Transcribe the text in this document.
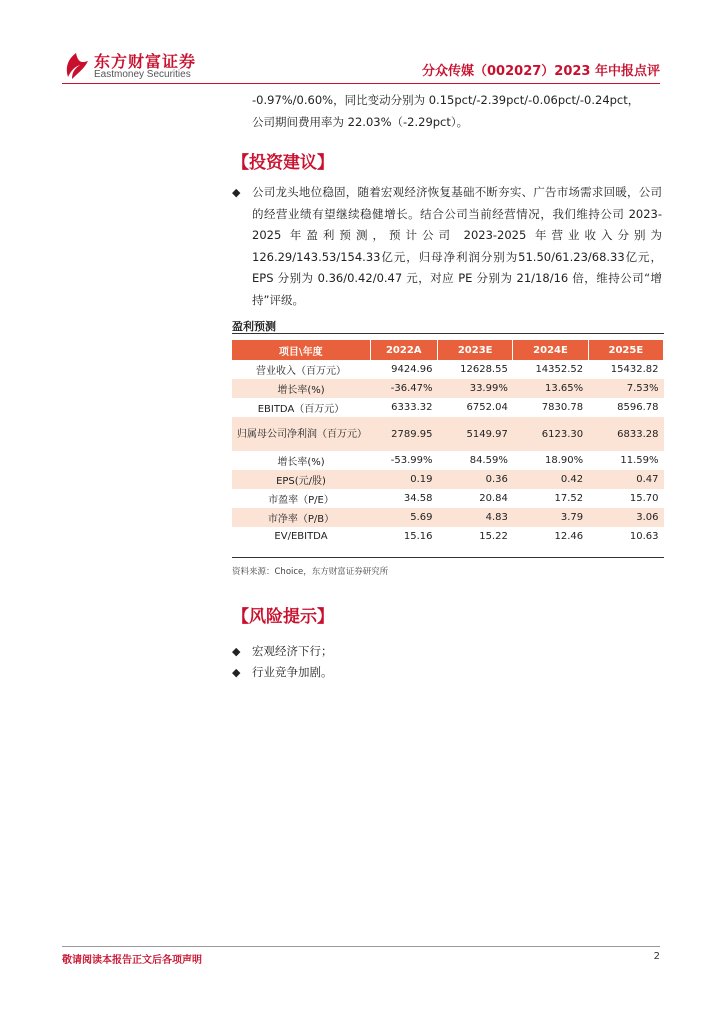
东方财富证券
Eastmoney Securities	分众传媒（002027）2023 年中报点评
-0.97%/0.60%，同比变动分别为 0.15pct/-2.39pct/-0.06pct/-0.24pct，
公司期间费用率为 22.03%（-2.29pct）。
【投资建议】
◆ 公司龙头地位稳固，随着宏观经济恢复基础不断夯实、广告市场需求回暖，公司的经营业绩有望继续稳健增长。结合公司当前经营情况，我们维持公司 2023- 2025 年盈利预测，预计公司 2023-2025 年营业收入分别为 126.29/143.53/154.33亿元，归母净利润分别为51.50/61.23/68.33亿元，EPS 分别为 0.36/0.42/0.47 元，对应 PE 分别为 21/18/16 倍，维持公司“增持”评级。
盈利预测
项目\年度	2022A	2023E	2024E	2025E
营业收入（百万元）	9424.96	12628.55	14352.52	15432.82
增长率(%)	-36.47%	33.99%	13.65%	7.53%
EBITDA（百万元）	6333.32	6752.04	7830.78	8596.78
归属母公司净利润（百万元）	2789.95	5149.97	6123.30	6833.28
增长率(%)	-53.99%	84.59%	18.90%	11.59%
EPS(元/股)	0.19	0.36	0.42	0.47
市盈率（P/E）	34.58	20.84	17.52	15.70
市净率（P/B）	5.69	4.83	3.79	3.06
EV/EBITDA	15.16	15.22	12.46	10.63
资料来源：Choice，东方财富证券研究所
【风险提示】
◆ 宏观经济下行；
◆ 行业竞争加剧。
敬请阅读本报告正文后各项声明	2
